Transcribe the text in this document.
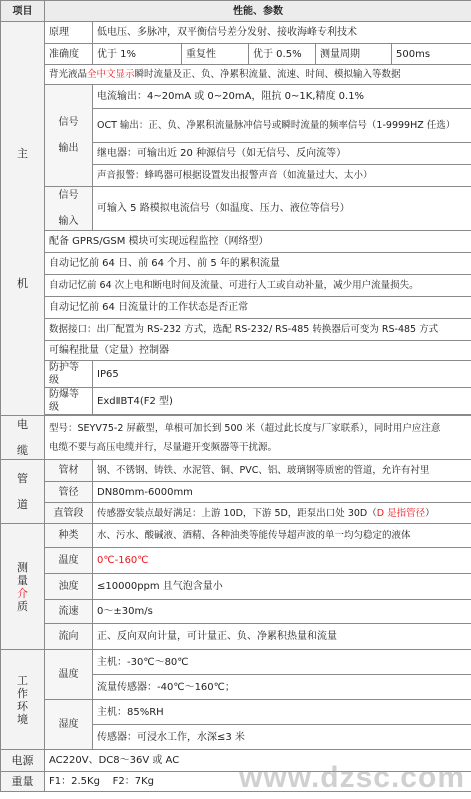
项目	性能、参数					

主

机	原理	低电压、多脉冲，双平衡信号差分发射、接收海峰专利技术				
	准确度	优于 1%	重复性	优于 0.5%	测量周期	500ms
	背光液晶全中文显示瞬时流量及正、负、净累积流量、流速、时间、模拟输入等数据					

	信号

输出	电流输出：4~20mA 或 0~20mA，阻抗 0~1K,精度 0.1%				
		OCT 输出：正、负、净累积流量脉冲信号或瞬时流量的频率信号（1-9999HZ 任选）				
		继电器：可输出近 20 种源信号（如无信号、反向流等）				
		声音报警：蜂鸣器可根据设置发出报警声音（如流量过大、太小）				

	信号

输入	可输入 5 路模拟电流信号（如温度、压力、液位等信号）				
	配备 GPRS/GSM 模块可实现远程监控（网络型）					
	自动记忆前 64 日、前 64 个月、前 5 年的累积流量					
	自动记忆前 64 次上电和断电时间及流量、可进行人工或自动补量，减少用户流量损失。					
	自动记忆前 64 日流量计的工作状态是否正常					
	数据接口：出厂配置为 RS-232 方式，选配 RS-232/ RS-485 转换器后可变为 RS-485 方式					
	可编程批量（定量）控制器					
	防护等级	IP65				
	防爆等级	ExdⅡBT4(F2 型)				

电

缆	型号：SEYV75-2 屏蔽型，单根可加长到 500 米（超过此长度与厂家联系），同时用户应注意
电缆不要与高压电缆并行，尽量避开变频器等干扰源。					

管

道	管材	钢、不锈钢、铸铁、水泥管、铜、PVC、铝、玻璃钢等质密的管道，允许有衬里				
	管径	DN80mm-6000mm				
	直管段	传感器安装点最好满足：上游 10D，下游 5D，距泵出口处 30D（D 是指管径）				

测
量
介
质	种类	水、污水、酸碱液、酒精、各种油类等能传导超声波的单一均匀稳定的液体				
	温度	0℃-160℃				
	浊度	≤10000ppm 且气泡含量小				
	流速	0～±30m/s				
	流向	正、反向双向计量，可计量正、负、净累积热量和流量				

工
作
环
境	温度	主机：-30℃～80℃				
		流量传感器：-40℃～160℃；				
	湿度	主机：85%RH				
		传感器：可浸水工作，水深≤3 米				
电源	AC220V、DC8～36V 或 AC					
重量	F1：2.5Kg    F2：7Kg						www.dzsc.com
